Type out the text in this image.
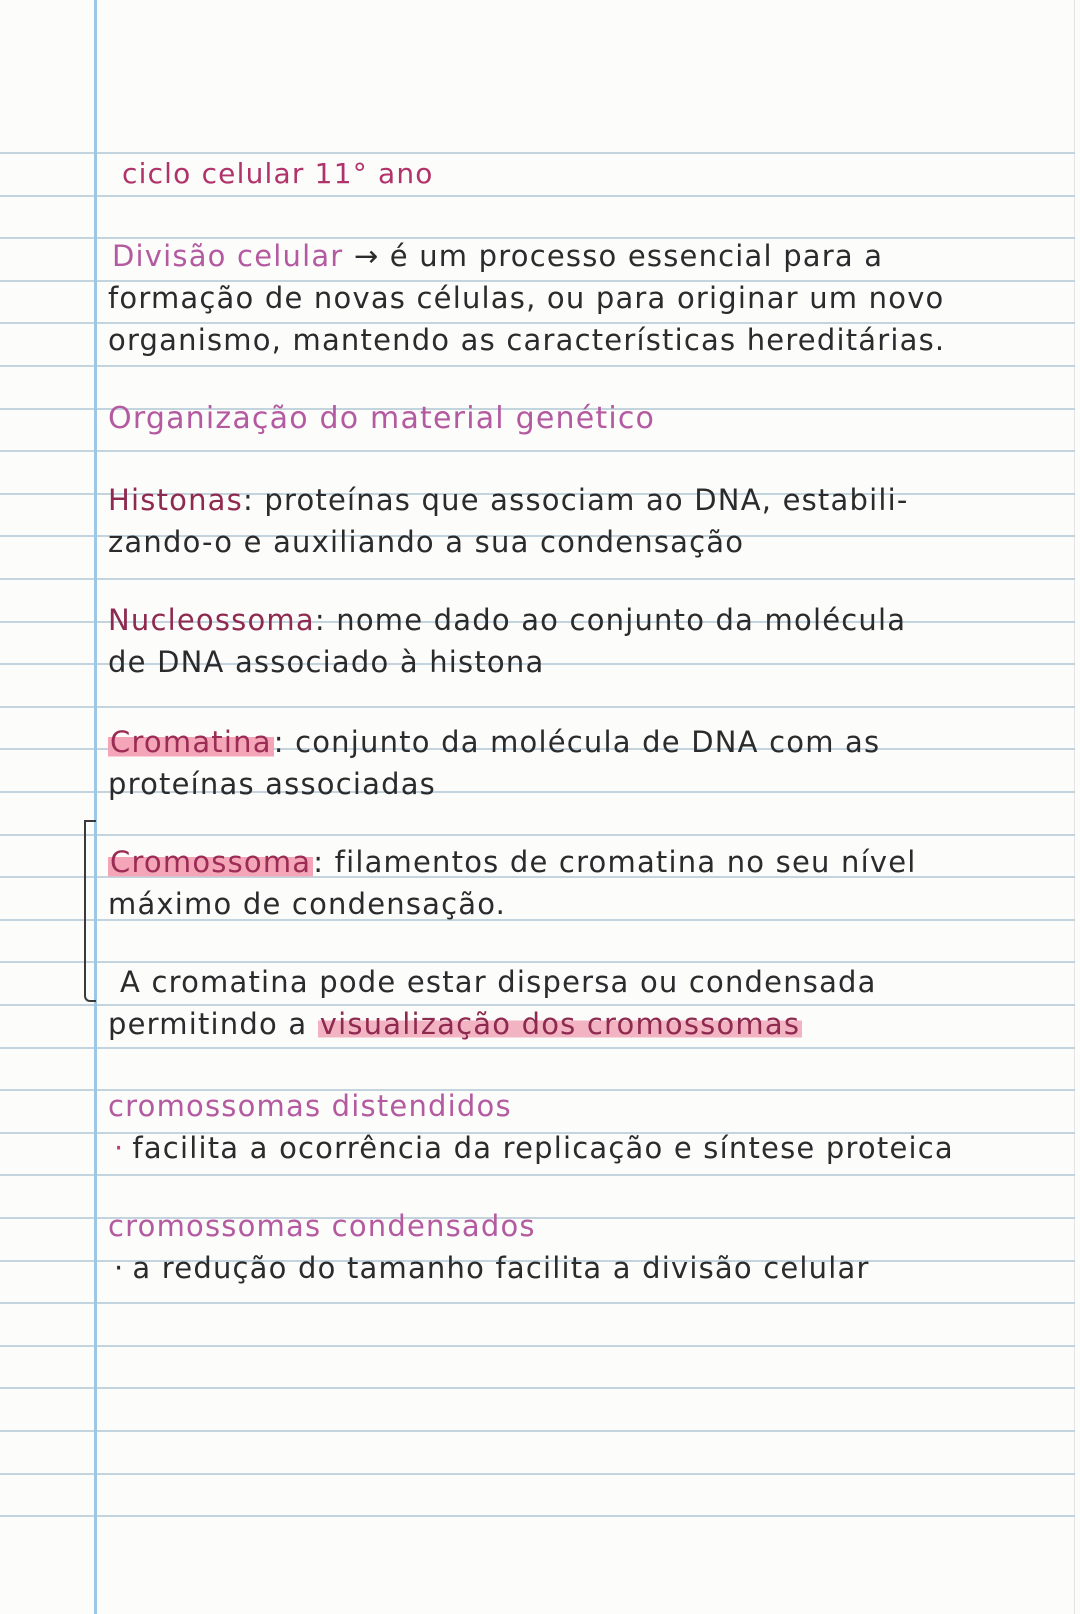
ciclo celular 11° ano
Divisão celular → é um processo essencial para a
formação de novas células, ou para originar um novo
organismo, mantendo as características hereditárias.
Organização do material genético
Histonas: proteínas que associam ao DNA, estabili-
zando-o e auxiliando a sua condensação
Nucleossoma: nome dado ao conjunto da molécula
de DNA associado à histona
Cromatina: conjunto da molécula de DNA com as
proteínas associadas
Cromossoma: filamentos de cromatina no seu nível
máximo de condensação.
A cromatina pode estar dispersa ou condensada
permitindo a visualização dos cromossomas
cromossomas distendidos
· facilita a ocorrência da replicação e síntese proteica
cromossomas condensados
· a redução do tamanho facilita a divisão celular
